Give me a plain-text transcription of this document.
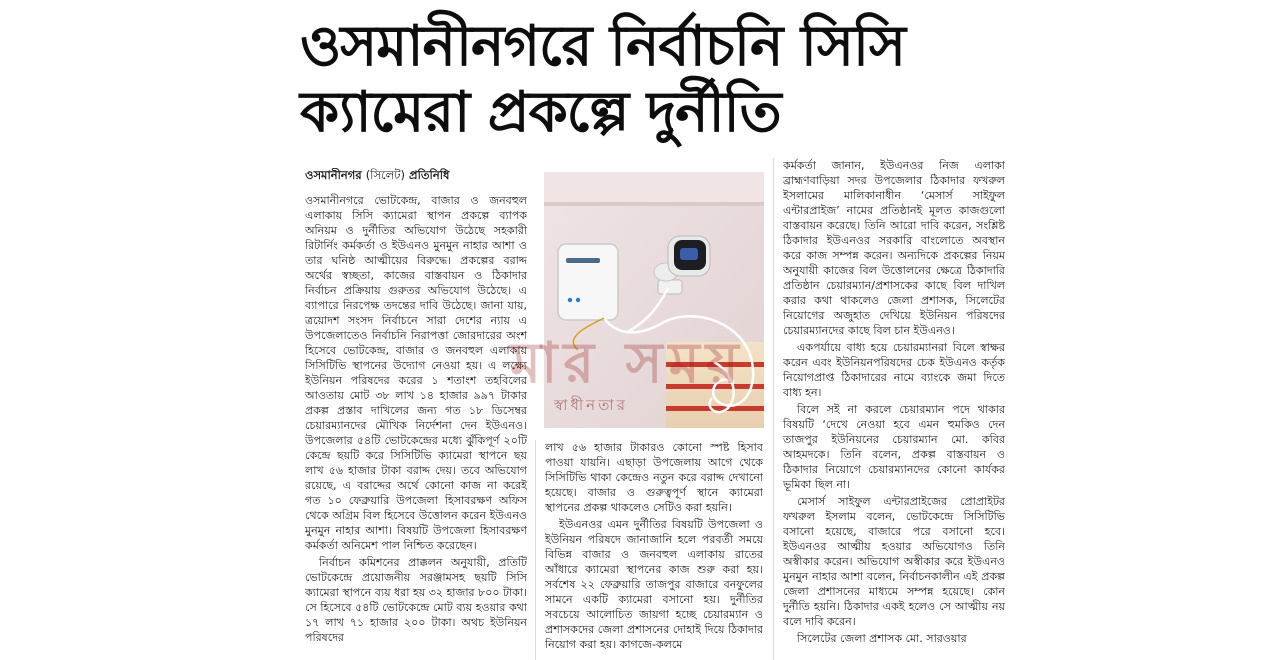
ওসমানীনগরে নির্বাচনি সিসি
ক্যামেরা প্রকল্পে দুর্নীতি
ওসমানীনগর (সিলেট) প্রতিনিধি

ওসমানীনগরে ভোটকেন্দ্র, বাজার ও জনবহুল এলাকায় সিসি ক্যামেরা স্থাপন প্রকল্পে ব্যাপক অনিয়ম ও দুর্নীতির অভিযোগ উঠেছে সহকারী রিটার্নিং কর্মকর্তা ও ইউএনও মুনমুন নাহার আশা ও তার ঘনিষ্ঠ আত্মীয়ের বিরুদ্ধে। প্রকল্পের বরাদ্দ অর্থের স্বচ্ছতা, কাজের বাস্তবায়ন ও ঠিকাদার নির্বাচন প্রক্রিয়ায় গুরুতর অভিযোগ উঠেছে। এ ব্যাপারে নিরপেক্ষ তদন্তের দাবি উঠেছে। জানা যায়, ত্রয়োদশ সংসদ নির্বাচনে সারা দেশের ন্যায় এ উপজেলাতেও নির্বাচনি নিরাপত্তা জোরদারের অংশ হিসেবে ভোটকেন্দ্র, বাজার ও জনবহুল এলাকায় সিসিটিভি স্থাপনের উদ্যোগ নেওয়া হয়। এ লক্ষ্যে ইউনিয়ন পরিষদের করের ১ শতাংশ তহবিলের আওতায় মোট ৩৮ লাখ ১৪ হাজার ৯৯৭ টাকার প্রকল্প প্রস্তাব দাখিলের জন্য গত ১৮ ডিসেম্বর চেয়ারম্যানদের মৌখিক নির্দেশনা দেন ইউএনও। উপজেলার ৫৪টি ভোটকেন্দ্রের মধ্যে ঝুঁকিপূর্ণ ২০টি কেন্দ্রে ছয়টি করে সিসিটিভি ক্যামেরা স্থাপনে ছয় লাখ ৫৬ হাজার টাকা বরাদ্দ দেয়। তবে অভিযোগ রয়েছে, এ বরাদ্দের অর্থে কোনো কাজ না করেই গত ১০ ফেব্রুয়ারি উপজেলা হিসাবরক্ষণ অফিস থেকে অগ্রিম বিল হিসেবে উত্তোলন করেন ইউএনও মুনমুন নাহার আশা। বিষয়টি উপজেলা হিসাবরক্ষণ কর্মকর্তা অনিমেশ পাল নিশ্চিত করেছেন।

নির্বাচন কমিশনের প্রাক্কলন অনুযায়ী, প্রতিটি ভোটকেন্দ্রে প্রয়োজনীয় সরঞ্জামসহ ছয়টি সিসি ক্যামেরা স্থাপনে ব্যয় ধরা হয় ৩২ হাজার ৮০০ টাকা। সে হিসেবে ৫৪টি ভোটকেন্দ্রে মোট ব্যয় হওয়ার কথা ১৭ লাখ ৭১ হাজার ২০০ টাকা। অথচ ইউনিয়ন পরিষদের

মার সময়
স্বাধীনতার

লাখ ৫৬ হাজার টাকারও কোনো স্পষ্ট হিসাব পাওয়া যায়নি। এছাড়া উপজেলায় আগে থেকে সিসিটিভি থাকা কেন্দ্রেও নতুন করে বরাদ্দ দেখানো হয়েছে। বাজার ও গুরুত্বপূর্ণ স্থানে ক্যামেরা স্থাপনের প্রকল্প থাকলেও সেটিও করা হয়নি।

ইউএনওর এমন দুর্নীতির বিষয়টি উপজেলা ও ইউনিয়ন পরিষদে জানাজানি হলে পরবর্তী সময়ে বিভিন্ন বাজার ও জনবহুল এলাকায় রাতের আঁধারে ক্যামেরা স্থাপনের কাজ শুরু করা হয়। সর্বশেষ ২২ ফেব্রুয়ারি তাজপুর বাজারে বনফুলের সামনে একটি ক্যামেরা বসানো হয়। দুর্নীতির সবচেয়ে আলোচিত জায়গা হচ্ছে চেয়ারম্যান ও প্রশাসকদের জেলা প্রশাসনের দোহাই দিয়ে ঠিকাদার নিয়োগ করা হয়। কাগজে-কলমে

কর্মকর্তা জানান, ইউএনওর নিজ এলাকা ব্রাহ্মণবাড়িয়া সদর উপজেলার ঠিকাদার ফখরুল ইসলামের মালিকানাধীন ‘মেসার্স সাইফুল এন্টারপ্রাইজ’ নামের প্রতিষ্ঠানই মূলত কাজগুলো বাস্তবায়ন করেছে। তিনি আরো দাবি করেন, সংশ্লিষ্ট ঠিকাদার ইউএনওর সরকারি বাংলোতে অবস্থান করে কাজ সম্পন্ন করেন। অন্যদিকে প্রকল্পের নিয়ম অনুযায়ী কাজের বিল উত্তোলনের ক্ষেত্রে ঠিকাদারি প্রতিষ্ঠান চেয়ারম্যান/প্রশাসকের কাছে বিল দাখিল করার কথা থাকলেও জেলা প্রশাসক, সিলেটের নিয়োগের অজুহাত দেখিয়ে ইউনিয়ন পরিষদের চেয়ারম্যানদের কাছে বিল চান ইউএনও।

একপর্যায়ে বাধ্য হয়ে চেয়ারম্যানরা বিলে স্বাক্ষর করেন এবং ইউনিয়নপরিষদের চেক ইউএনও কর্তৃক নিয়োগপ্রাপ্ত ঠিকাদারের নামে ব্যাংকে জমা দিতে বাধ্য হন।

বিলে সই না করলে চেয়ারম্যান পদে থাকার বিষয়টি ‘দেখে নেওয়া হবে এমন হুমকিও দেন তাজপুর ইউনিয়নের চেয়ারম্যান মো. কবির আহমদকে। তিনি বলেন, প্রকল্প বাস্তবায়ন ও ঠিকাদার নিয়োগে চেয়ারম্যানদের কোনো কার্যকর ভূমিকা ছিল না।

মেসার্স সাইফুল এন্টারপ্রাইজের প্রোপ্রাইটর ফখরুল ইসলাম বলেন, ভোটকেন্দ্রে সিসিটিভি বসানো হয়েছে, বাজারে পরে বসানো হবে। ইউএনওর আত্মীয় হওয়ার অভিযোগও তিনি অস্বীকার করেন। অভিযোগ অস্বীকার করে ইউএনও মুনমুন নাহার আশা বলেন, নির্বাচনকালীন এই প্রকল্প জেলা প্রশাসনের মাধ্যমে সম্পন্ন হয়েছে। কোন দুর্নীতি হয়নি। ঠিকাদার একই হলেও সে আত্মীয় নয় বলে দাবি করেন।

সিলেটের জেলা প্রশাসক মো. সারওয়ার
